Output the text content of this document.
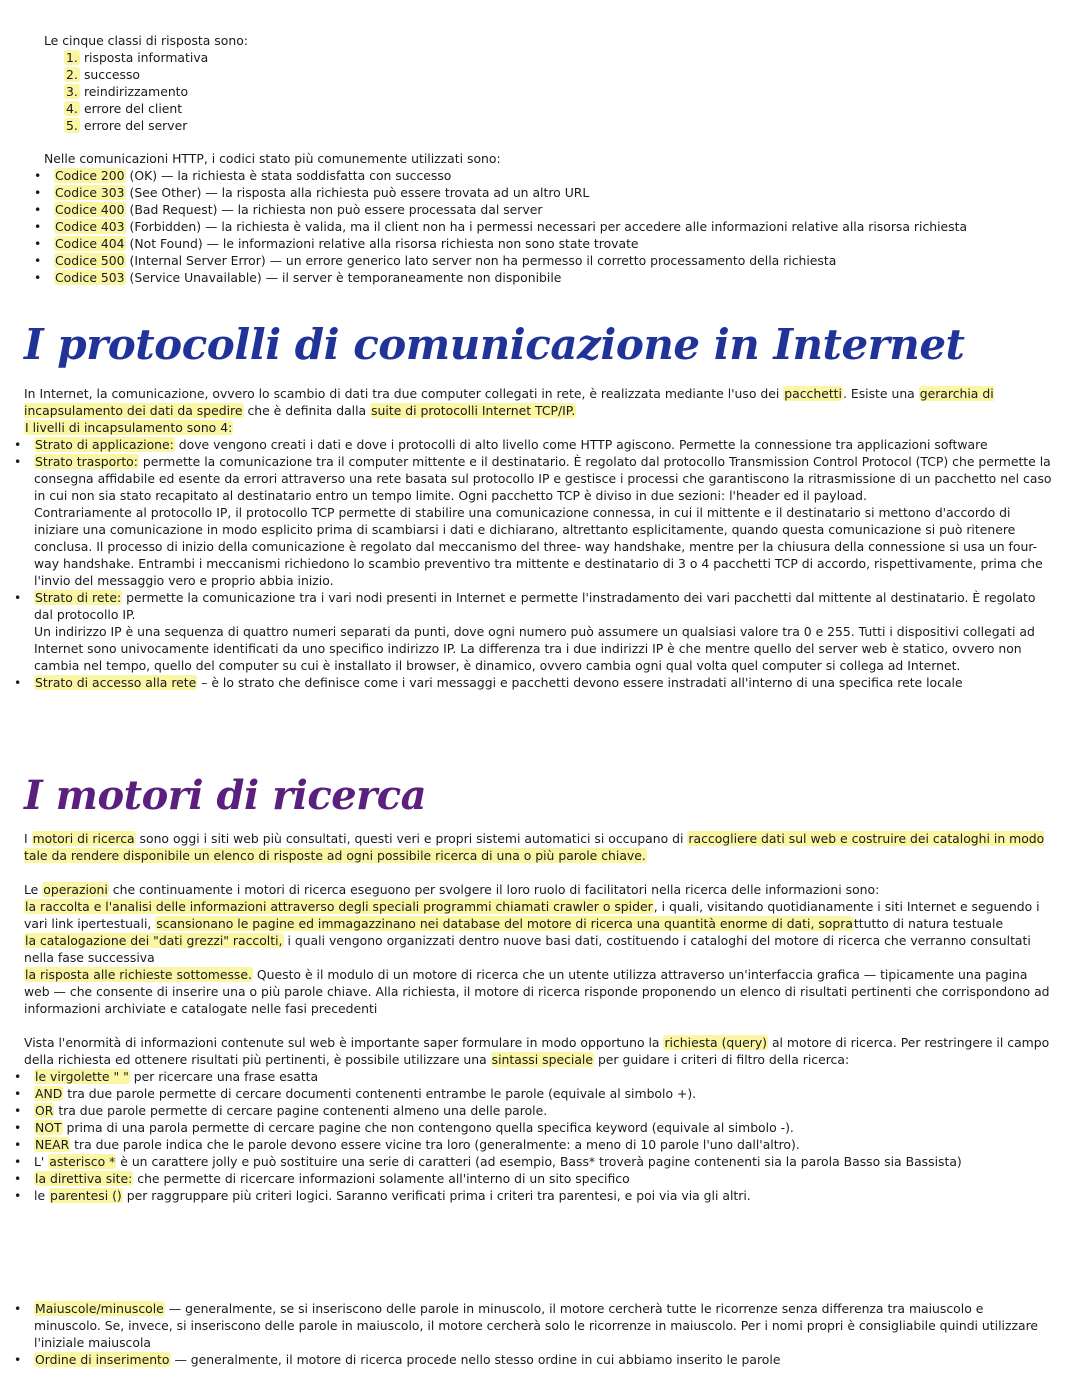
Le cinque classi di risposta sono:

1. risposta informativa

2. successo

3. reindirizzamento

4. errore del client

5. errore del server

Nelle comunicazioni HTTP, i codici stato più comunemente utilizzati sono:

• Codice 200 (OK) — la richiesta è stata soddisfatta con successo

• Codice 303 (See Other) — la risposta alla richiesta può essere trovata ad un altro URL

• Codice 400 (Bad Request) — la richiesta non può essere processata dal server

• Codice 403 (Forbidden) — la richiesta è valida, ma il client non ha i permessi necessari per accedere alle informazioni relative alla risorsa richiesta

• Codice 404 (Not Found) — le informazioni relative alla risorsa richiesta non sono state trovate

• Codice 500 (Internal Server Error) — un errore generico lato server non ha permesso il corretto processamento della richiesta

• Codice 503 (Service Unavailable) — il server è temporaneamente non disponibile

I protocolli di comunicazione in Internet

In Internet, la comunicazione, ovvero lo scambio di dati tra due computer collegati in rete, è realizzata mediante l'uso dei pacchetti. Esiste una gerarchia di incapsulamento dei dati da spedire che è definita dalla suite di protocolli Internet TCP/IP.

I livelli di incapsulamento sono 4:

• Strato di applicazione: dove vengono creati i dati e dove i protocolli di alto livello come HTTP agiscono. Permette la connessione tra applicazioni software

• Strato trasporto: permette la comunicazione tra il computer mittente e il destinatario. È regolato dal protocollo Transmission Control Protocol (TCP) che permette la consegna affidabile ed esente da errori attraverso una rete basata sul protocollo IP e gestisce i processi che garantiscono la ritrasmissione di un pacchetto nel caso in cui non sia stato recapitato al destinatario entro un tempo limite. Ogni pacchetto TCP è diviso in due sezioni: l'header ed il payload.

Contrariamente al protocollo IP, il protocollo TCP permette di stabilire una comunicazione connessa, in cui il mittente e il destinatario si mettono d'accordo di iniziare una comunicazione in modo esplicito prima di scambiarsi i dati e dichiarano, altrettanto esplicitamente, quando questa comunicazione si può ritenere conclusa. Il processo di inizio della comunicazione è regolato dal meccanismo del three- way handshake, mentre per la chiusura della connessione si usa un four-way handshake. Entrambi i meccanismi richiedono lo scambio preventivo tra mittente e destinatario di 3 o 4 pacchetti TCP di accordo, rispettivamente, prima che l'invio del messaggio vero e proprio abbia inizio.

• Strato di rete: permette la comunicazione tra i vari nodi presenti in Internet e permette l'instradamento dei vari pacchetti dal mittente al destinatario. È regolato dal protocollo IP.

Un indirizzo IP è una sequenza di quattro numeri separati da punti, dove ogni numero può assumere un qualsiasi valore tra 0 e 255. Tutti i dispositivi collegati ad Internet sono univocamente identificati da uno specifico indirizzo IP. La differenza tra i due indirizzi IP è che mentre quello del server web è statico, ovvero non cambia nel tempo, quello del computer su cui è installato il browser, è dinamico, ovvero cambia ogni qual volta quel computer si collega ad Internet.

• Strato di accesso alla rete – è lo strato che definisce come i vari messaggi e pacchetti devono essere instradati all'interno di una specifica rete locale

I motori di ricerca

I motori di ricerca sono oggi i siti web più consultati, questi veri e propri sistemi automatici si occupano di raccogliere dati sul web e costruire dei cataloghi in modo tale da rendere disponibile un elenco di risposte ad ogni possibile ricerca di una o più parole chiave.

Le operazioni che continuamente i motori di ricerca eseguono per svolgere il loro ruolo di facilitatori nella ricerca delle informazioni sono:

la raccolta e l'analisi delle informazioni attraverso degli speciali programmi chiamati crawler o spider, i quali, visitando quotidianamente i siti Internet e seguendo i vari link ipertestuali, scansionano le pagine ed immagazzinano nei database del motore di ricerca una quantità enorme di dati, soprattutto di natura testuale

la catalogazione dei "dati grezzi" raccolti, i quali vengono organizzati dentro nuove basi dati, costituendo i cataloghi del motore di ricerca che verranno consultati nella fase successiva

la risposta alle richieste sottomesse. Questo è il modulo di un motore di ricerca che un utente utilizza attraverso un'interfaccia grafica — tipicamente una pagina web — che consente di inserire una o più parole chiave. Alla richiesta, il motore di ricerca risponde proponendo un elenco di risultati pertinenti che corrispondono ad informazioni archiviate e catalogate nelle fasi precedenti

Vista l'enormità di informazioni contenute sul web è importante saper formulare in modo opportuno la richiesta (query) al motore di ricerca. Per restringere il campo della richiesta ed ottenere risultati più pertinenti, è possibile utilizzare una sintassi speciale per guidare i criteri di filtro della ricerca:

• le virgolette " " per ricercare una frase esatta

• AND tra due parole permette di cercare documenti contenenti entrambe le parole (equivale al simbolo +).

• OR tra due parole permette di cercare pagine contenenti almeno una delle parole.

• NOT prima di una parola permette di cercare pagine che non contengono quella specifica keyword (equivale al simbolo -).

• NEAR tra due parole indica che le parole devono essere vicine tra loro (generalmente: a meno di 10 parole l'uno dall'altro).

• L' asterisco * è un carattere jolly e può sostituire una serie di caratteri (ad esempio, Bass* troverà pagine contenenti sia la parola Basso sia Bassista)

• la direttiva site: che permette di ricercare informazioni solamente all'interno di un sito specifico

• le parentesi () per raggruppare più criteri logici. Saranno verificati prima i criteri tra parentesi, e poi via via gli altri.

• Maiuscole/minuscole — generalmente, se si inseriscono delle parole in minuscolo, il motore cercherà tutte le ricorrenze senza differenza tra maiuscolo e minuscolo. Se, invece, si inseriscono delle parole in maiuscolo, il motore cercherà solo le ricorrenze in maiuscolo. Per i nomi propri è consigliabile quindi utilizzare l'iniziale maiuscola

• Ordine di inserimento — generalmente, il motore di ricerca procede nello stesso ordine in cui abbiamo inserito le parole
